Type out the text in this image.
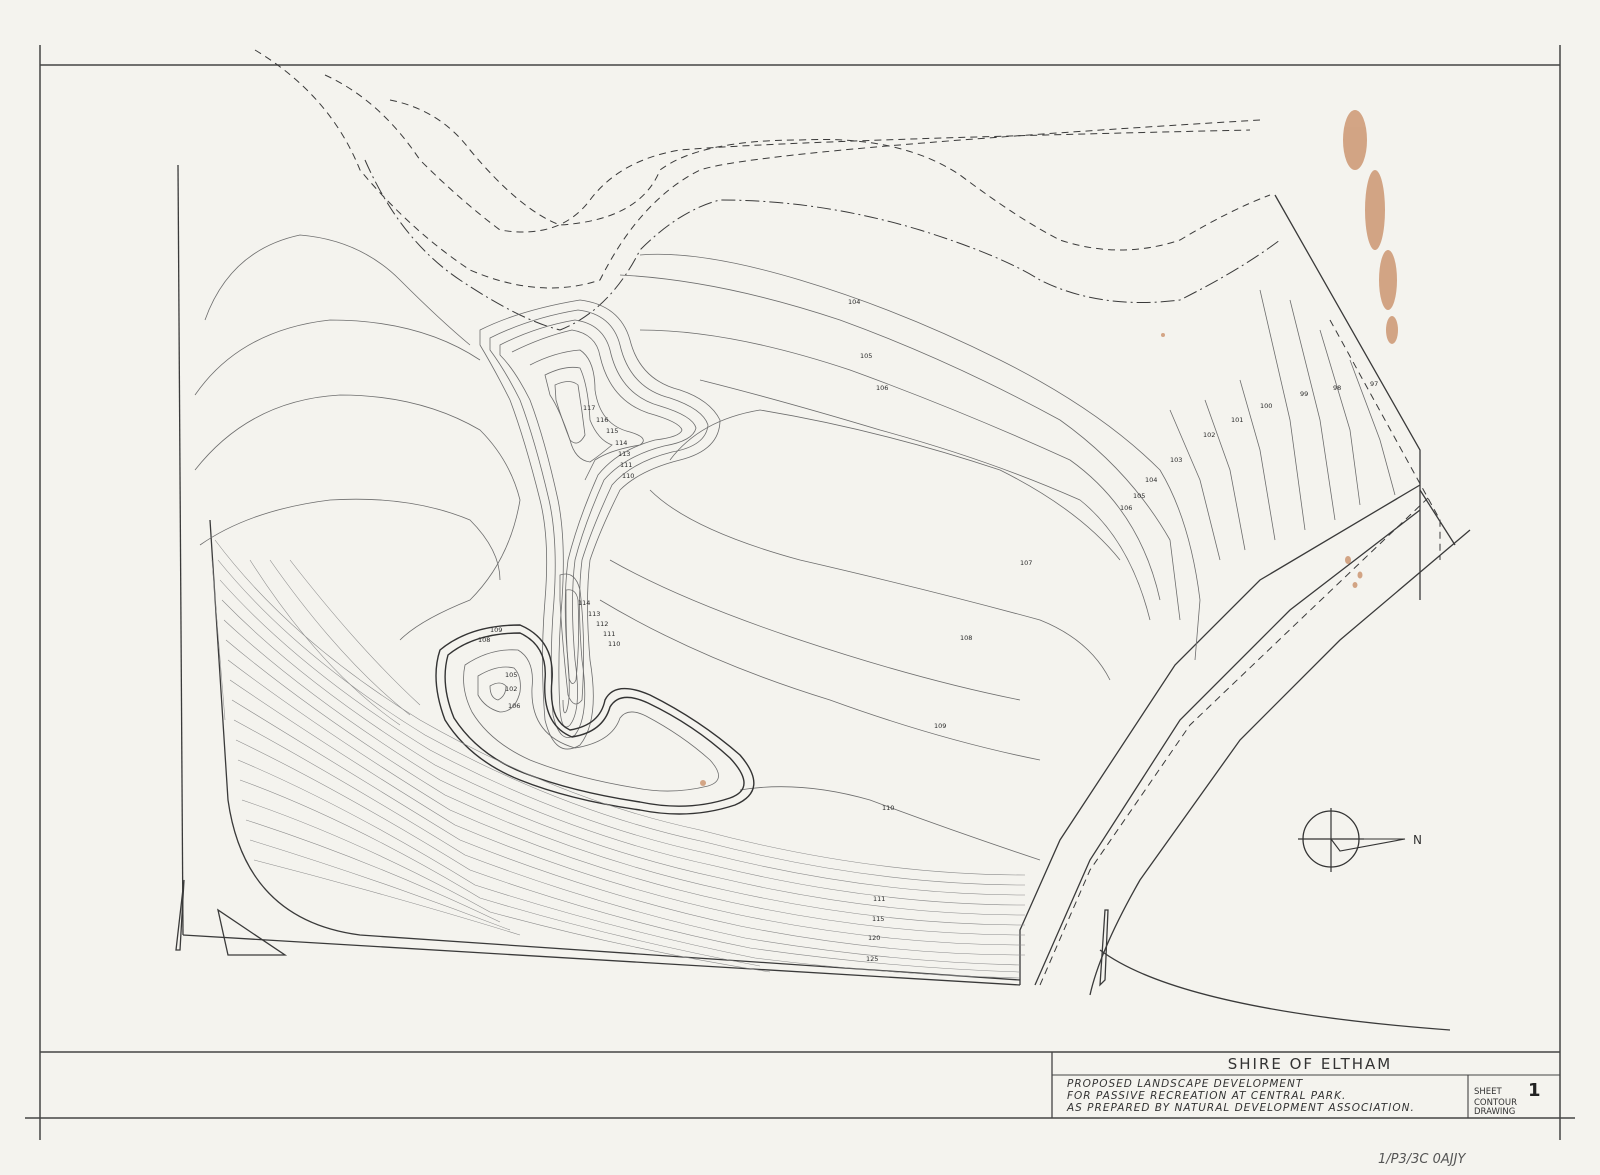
SHIRE OF ELTHAM
PROPOSED LANDSCAPE DEVELOPMENT
FOR PASSIVE RECREATION AT CENTRAL PARK.
AS PREPARED BY NATURAL DEVELOPMENT ASSOCIATION.
SHEET 1
CONTOUR
DRAWING
1/P3/3C 0AJJY
104
105
106
117
116
115
114
113
111
110
103
102
101
100
99
98	97
104
105
106
107
108
109
110
114
113
112
111
110
109
108
105
102
106
111
115
120
125
N
